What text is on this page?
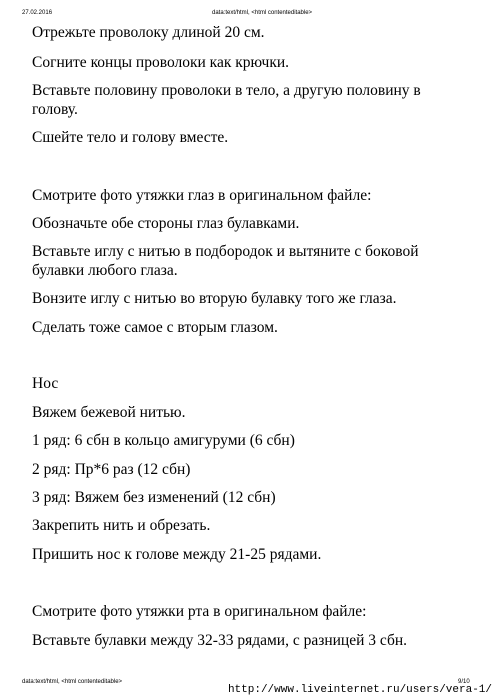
27.02.2016	data:text/html, <html contenteditable>
Отрежьте проволоку длиной 20 см.
Согните концы проволоки как крючки.
Вставьте половину проволоки в тело, а другую половину в
голову.
Сшейте тело и голову вместе.
Смотрите фото утяжки глаз в оригинальном файле:
Обозначьте обе стороны глаз булавками.
Вставьте иглу с нитью в подбородок и вытяните с боковой
булавки любого глаза.
Вонзите иглу с нитью во вторую булавку того же глаза.
Сделать тоже самое с вторым глазом.
Нос
Вяжем бежевой нитью.
1 ряд: 6 сбн в кольцо амигуруми (6 сбн)
2 ряд: Пр*6 раз (12 сбн)
3 ряд: Вяжем без изменений (12 сбн)
Закрепить нить и обрезать.
Пришить нос к голове между 21-25 рядами.
Смотрите фото утяжки рта в оригинальном файле:
Вставьте булавки между 32-33 рядами, с разницей 3 сбн.
data:text/html, <html contenteditable>	9/10
http://www.liveinternet.ru/users/vera-1/
